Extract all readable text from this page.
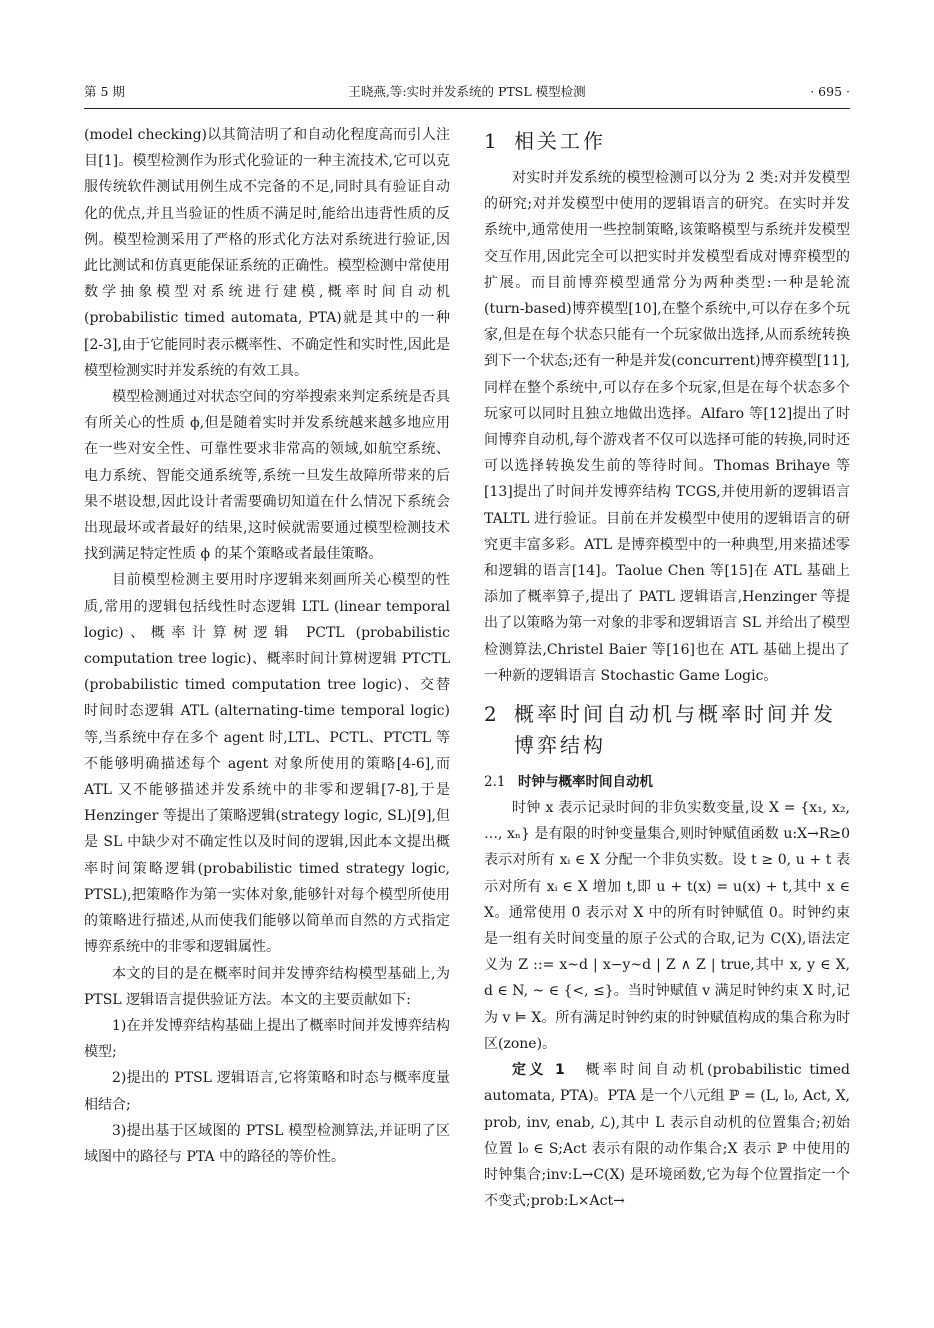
第 5 期	王晓燕,等:实时并发系统的 PTSL 模型检测	· 695 ·

(model checking)以其简洁明了和自动化程度高而引人注目[1]。模型检测作为形式化验证的一种主流技术,它可以克服传统软件测试用例生成不完备的不足,同时具有验证自动化的优点,并且当验证的性质不满足时,能给出违背性质的反例。模型检测采用了严格的形式化方法对系统进行验证,因此比测试和仿真更能保证系统的正确性。模型检测中常使用数学抽象模型对系统进行建模,概率时间自动机(probabilistic timed automata, PTA)就是其中的一种[2-3],由于它能同时表示概率性、不确定性和实时性,因此是模型检测实时并发系统的有效工具。

模型检测通过对状态空间的穷举搜索来判定系统是否具有所关心的性质 ϕ,但是随着实时并发系统越来越多地应用在一些对安全性、可靠性要求非常高的领域,如航空系统、电力系统、智能交通系统等,系统一旦发生故障所带来的后果不堪设想,因此设计者需要确切知道在什么情况下系统会出现最坏或者最好的结果,这时候就需要通过模型检测技术找到满足特定性质 ϕ 的某个策略或者最佳策略。

目前模型检测主要用时序逻辑来刻画所关心模型的性质,常用的逻辑包括线性时态逻辑 LTL (linear temporal logic)、概率计算树逻辑 PCTL (probabilistic computation tree logic)、概率时间计算树逻辑 PTCTL (probabilistic timed computation tree logic)、交替时间时态逻辑 ATL (alternating-time temporal logic)等,当系统中存在多个 agent 时,LTL、PCTL、PTCTL 等不能够明确描述每个 agent 对象所使用的策略[4-6],而 ATL 又不能够描述并发系统中的非零和逻辑[7-8],于是 Henzinger 等提出了策略逻辑(strategy logic, SL)[9],但是 SL 中缺少对不确定性以及时间的逻辑,因此本文提出概率时间策略逻辑(probabilistic timed strategy logic, PTSL),把策略作为第一实体对象,能够针对每个模型所使用的策略进行描述,从而使我们能够以简单而自然的方式指定博弈系统中的非零和逻辑属性。

本文的目的是在概率时间并发博弈结构模型基础上,为 PTSL 逻辑语言提供验证方法。本文的主要贡献如下:

1)在并发博弈结构基础上提出了概率时间并发博弈结构模型;

2)提出的 PTSL 逻辑语言,它将策略和时态与概率度量相结合;

3)提出基于区域图的 PTSL 模型检测算法,并证明了区域图中的路径与 PTA 中的路径的等价性。

1 相关工作

对实时并发系统的模型检测可以分为 2 类:对并发模型的研究;对并发模型中使用的逻辑语言的研究。在实时并发系统中,通常使用一些控制策略,该策略模型与系统并发模型交互作用,因此完全可以把实时并发模型看成对博弈模型的扩展。而目前博弈模型通常分为两种类型:一种是轮流(turn-based)博弈模型[10],在整个系统中,可以存在多个玩家,但是在每个状态只能有一个玩家做出选择,从而系统转换到下一个状态;还有一种是并发(concurrent)博弈模型[11],同样在整个系统中,可以存在多个玩家,但是在每个状态多个玩家可以同时且独立地做出选择。Alfaro 等[12]提出了时间博弈自动机,每个游戏者不仅可以选择可能的转换,同时还可以选择转换发生前的等待时间。Thomas Brihaye 等[13]提出了时间并发博弈结构 TCGS,并使用新的逻辑语言 TALTL 进行验证。目前在并发模型中使用的逻辑语言的研究更丰富多彩。ATL 是博弈模型中的一种典型,用来描述零和逻辑的语言[14]。Taolue Chen 等[15]在 ATL 基础上添加了概率算子,提出了 PATL 逻辑语言,Henzinger 等提出了以策略为第一对象的非零和逻辑语言 SL 并给出了模型检测算法,Christel Baier 等[16]也在 ATL 基础上提出了一种新的逻辑语言 Stochastic Game Logic。

2 概率时间自动机与概率时间并发
博弈结构
2.1 时钟与概率时间自动机

时钟 x 表示记录时间的非负实数变量,设 X = {x₁, x₂, …, xₙ} 是有限的时钟变量集合,则时钟赋值函数 u:X→R≥0 表示对所有 xᵢ ∈ X 分配一个非负实数。设 t ≥ 0, u + t 表示对所有 xᵢ ∈ X 增加 t,即 u + t(x) = u(x) + t,其中 x ∈ X。通常使用 0̄ 表示对 X 中的所有时钟赋值 0。时钟约束是一组有关时间变量的原子公式的合取,记为 C(X),语法定义为 Z ::= x~d | x−y~d | Z ∧ Z | true,其中 x, y ∈ X, d ∈ N, ~ ∈ {<, ≤}。当时钟赋值 v 满足时钟约束 X 时,记为 v ⊨ X。所有满足时钟约束的时钟赋值构成的集合称为时区(zone)。

定义 1　 概率时间自动机(probabilistic timed automata, PTA)。PTA 是一个八元组 ℙ = (L, l₀, Act, X, prob, inv, enab, ℒ),其中 L 表示自动机的位置集合;初始位置 l₀ ∈ S;Act 表示有限的动作集合;X 表示 ℙ 中使用的时钟集合;inv:L→C(X) 是环境函数,它为每个位置指定一个不变式;prob:L×Act→
